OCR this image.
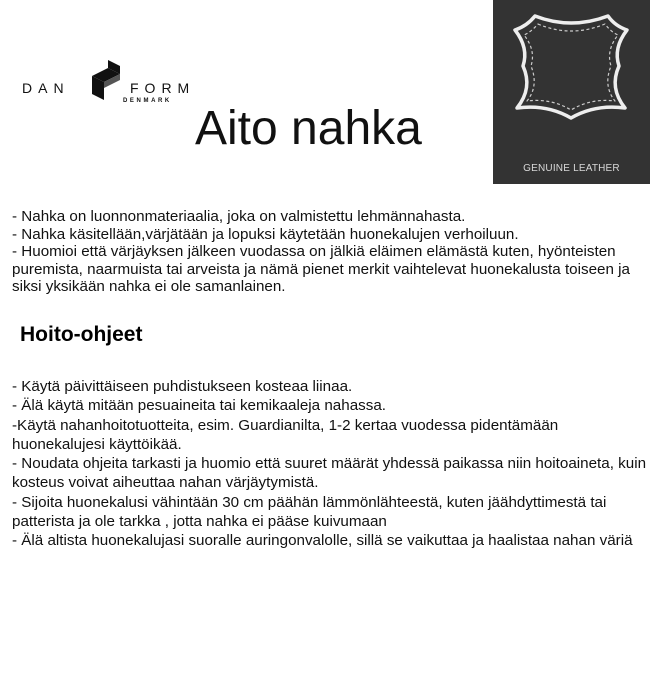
DAN	FORM
DENMARK
Aito nahka
GENUINE LEATHER

- Nahka on luonnonmateriaalia, joka on valmistettu lehmännahasta.

- Nahka käsitellään,värjätään ja lopuksi käytetään huonekalujen verhoiluun.

- Huomioi että värjäyksen jälkeen vuodassa on jälkiä eläimen elämästä kuten, hyönteisten puremista, naarmuista tai arveista ja nämä pienet merkit vaihtelevat huonekalusta toiseen ja siksi yksikään nahka ei ole samanlainen.

Hoito-ohjeet

- Käytä päivittäiseen puhdistukseen kosteaa liinaa.

- Älä käytä mitään pesuaineita tai kemikaaleja nahassa.

-Käytä nahanhoitotuotteita, esim. Guardianilta, 1-2 kertaa vuodessa pidentämään huonekalujesi käyttöikää.

- Noudata ohjeita tarkasti ja huomio että suuret määrät yhdessä paikassa niin hoitoaineta, kuin kosteus voivat aiheuttaa nahan värjäytymistä.

- Sijoita huonekalusi vähintään 30 cm päähän lämmönlähteestä, kuten jäähdyttimestä tai patterista ja ole tarkka , jotta nahka ei pääse kuivumaan

- Älä altista huonekalujasi suoralle auringonvalolle, sillä se vaikuttaa ja haalistaa nahan väriä
